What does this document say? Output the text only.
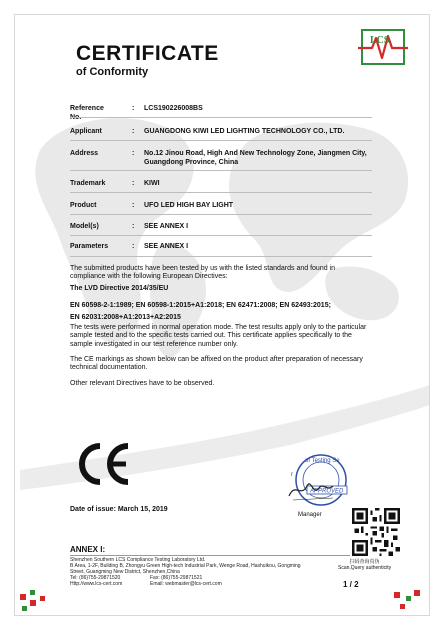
CERTIFICATE
of Conformity
LCS
Reference	: LCS190226008BS
Applicant	: GUANGDONG KIWI LED LIGHTING TECHNOLOGY CO., LTD.
Address	: No.12 Jinou Road, High And New Technology Zone, Jiangmen City, Guangdong Province, China
Trademark	: KIWI
Product	: UFO LED HIGH BAY LIGHT
Model(s)	: SEE ANNEX I
Parameters	: SEE ANNEX I
The submitted products have been tested by us with the listed standards and found in compliance with the following European Directives:
The LVD Directive 2014/35/EU
EN 60598-2-1:1989; EN 60598-1:2015+A1:2018; EN 62471:2008; EN 62493:2015;
EN 62031:2008+A1:2013+A2:2015
The tests were performed in normal operation mode. The test results apply only to the particular sample tested and to the specific tests carried out. This certificate applies specifically to the sample investigated in our test reference number only.
The CE markings as shown below can be affixed on the product after preparation of necessary technical documentation.
Other relevant Directives have to be observed.
CE
Date of issue: March 15, 2019
of Testing Se
r
APPROVED
Manager
扫码查询真伪
Scan,Query authenticity
ANNEX I:
Shenzhen Southern LCS Compliance Testing Laboratory Ltd.
B Area, 1-2F, Building B, Zhongyu Green High-tech Industrial Park, Wenge Road, Hashuikou, Gongming
Street, Guangming New District, Shenzhen,China
Tel: (86)755-29871520	Fax: (86)755-29871521
Http://www.lcs-cert.com	Email: webmaster@lcs-cert.com	1 / 2
